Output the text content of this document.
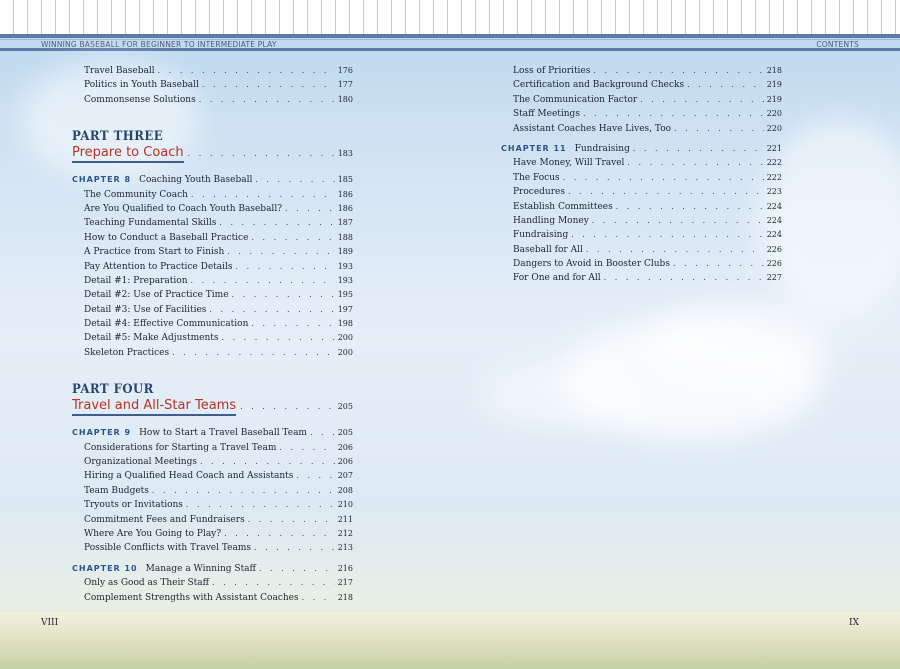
WINNING BASEBALL FOR BEGINNER TO INTERMEDIATE PLAY	CONTENTS
Travel Baseball . . .	176
Politics in Youth Baseball . . .	177
Commonsense Solutions . . .	180
PART THREE
Prepare to Coach . . .	183
CHAPTER 8 Coaching Youth Baseball . . .	185
The Community Coach . . .	186
Are You Qualified to Coach Youth Baseball? . . .	186
Teaching Fundamental Skills . . .	187
How to Conduct a Baseball Practice . . .	188
A Practice from Start to Finish . . .	189
Pay Attention to Practice Details . . .	193
Detail #1: Preparation . . .	193
Detail #2: Use of Practice Time . . .	195
Detail #3: Use of Facilities . . .	197
Detail #4: Effective Communication . . .	198
Detail #5: Make Adjustments . . .	200
Skeleton Practices . . .	200
PART FOUR
Travel and All-Star Teams . . .	205
CHAPTER 9 How to Start a Travel Baseball Team . . .	205
Considerations for Starting a Travel Team . . .	206
Organizational Meetings . . .	206
Hiring a Qualified Head Coach and Assistants . . .	207
Team Budgets . . .	208
Tryouts or Invitations . . .	210
Commitment Fees and Fundraisers . . .	211
Where Are You Going to Play? . . .	212
Possible Conflicts with Travel Teams . . .	213
CHAPTER 10 Manage a Winning Staff . . .	216
Only as Good as Their Staff . . .	217
Complement Strengths with Assistant Coaches . . .	218
Loss of Priorities . . .	218
Certification and Background Checks . . .	219
The Communication Factor . . .	219
Staff Meetings . . .	220
Assistant Coaches Have Lives, Too . . .	220
CHAPTER 11 Fundraising . . .	221
Have Money, Will Travel . . .	222
The Focus . . .	222
Procedures . . .	223
Establish Committees . . .	224
Handling Money . . .	224
Fundraising . . .	224
Baseball for All . . .	226
Dangers to Avoid in Booster Clubs . . .	226
For One and for All . . .	227
VIII	IX
